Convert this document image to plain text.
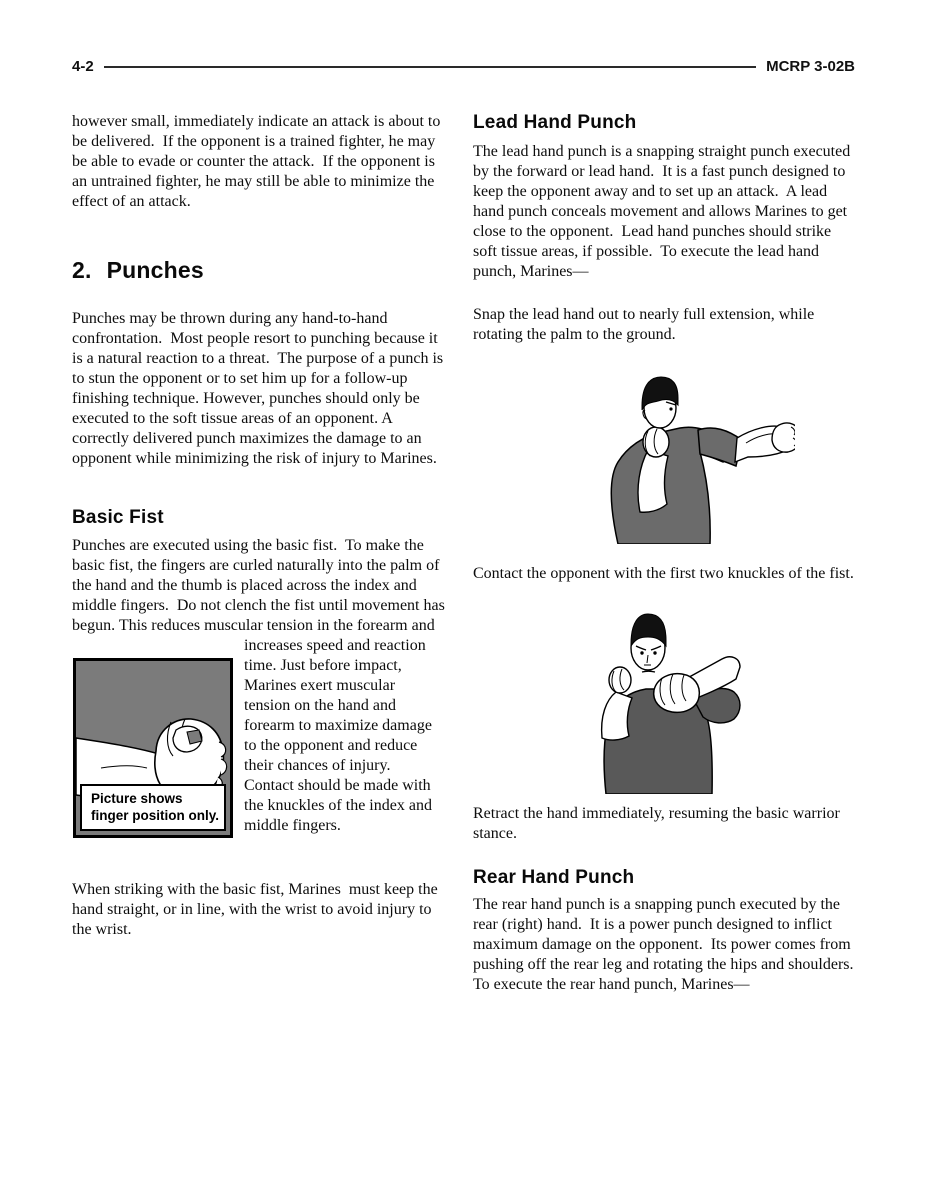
4-2	MCRP 3-02B

however small, immediately indicate an attack is about to be delivered.  If the opponent is a trained fighter, he may be able to evade or counter the attack.  If the opponent is an untrained fighter, he may still be able to minimize the effect of an attack.

2. Punches

Punches may be thrown during any hand-to-hand confrontation.  Most people resort to punching because it is a natural reaction to a threat.  The purpose of a punch is to stun the opponent or to set him up for a follow-up finishing technique. However, punches should only be executed to the soft tissue areas of an opponent. A correctly delivered punch maximizes the damage to an opponent while minimizing the risk of injury to Marines.

Basic Fist

Punches are executed using the basic fist.  To make the basic fist, the fingers are curled naturally into the palm of the hand and the thumb is placed across the index and middle fingers.  Do not clench the fist until movement has begun. This reduces muscular tension in the forearm and

Picture shows
finger position only.

increases speed and reaction time. Just before impact, Marines exert muscular tension on the hand and forearm to maximize damage to the opponent and reduce their chances of injury.  Contact should be made with the knuckles of the index and middle fingers.

When striking with the basic fist, Marines  must keep the hand straight, or in line, with the wrist to avoid injury to the wrist.

Lead Hand Punch

The lead hand punch is a snapping straight punch executed by the forward or lead hand.  It is a fast punch designed to keep the opponent away and to set up an attack.  A lead hand punch conceals movement and allows Marines to get close to the opponent.  Lead hand punches should strike soft tissue areas, if possible.  To execute the lead hand punch, Marines—

Snap the lead hand out to nearly full extension, while rotating the palm to the ground.

Contact the opponent with the first two knuckles of the fist.

Retract the hand immediately, resuming the basic warrior stance.

Rear Hand Punch

The rear hand punch is a snapping punch executed by the rear (right) hand.  It is a power punch designed to inflict maximum damage on the opponent.  Its power comes from pushing off the rear leg and rotating the hips and shoulders.  To execute the rear hand punch, Marines—
